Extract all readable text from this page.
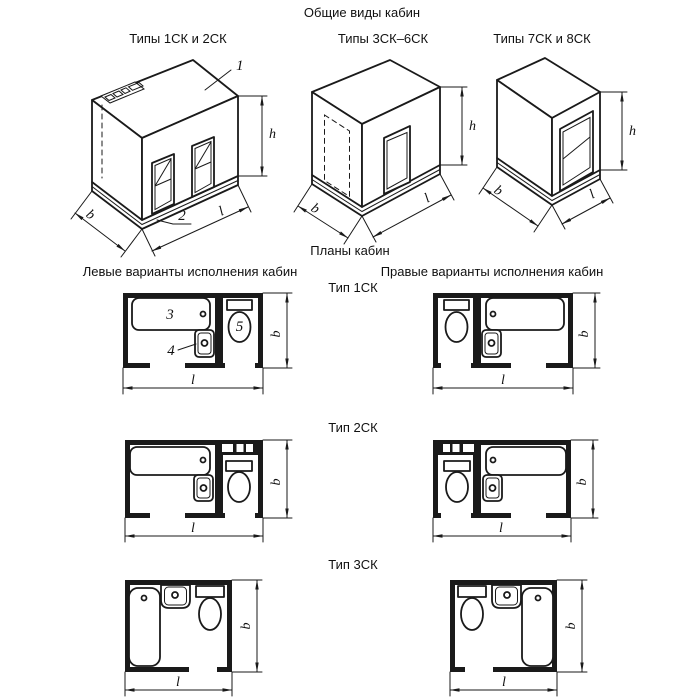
Общие виды кабин
Типы 1СК и 2СК	Типы 3СК–6СК	Типы 7СК и 8СК
Планы кабин
Левые варианты исполнения кабин	Правые варианты исполнения кабин
Тип 1СК
Тип 2СК
Тип 3СК
1
2
h
b	l
h
b
l
h
b	l
3
4
5 b
l
b
l
b
l
b
l
b
l
b
l
